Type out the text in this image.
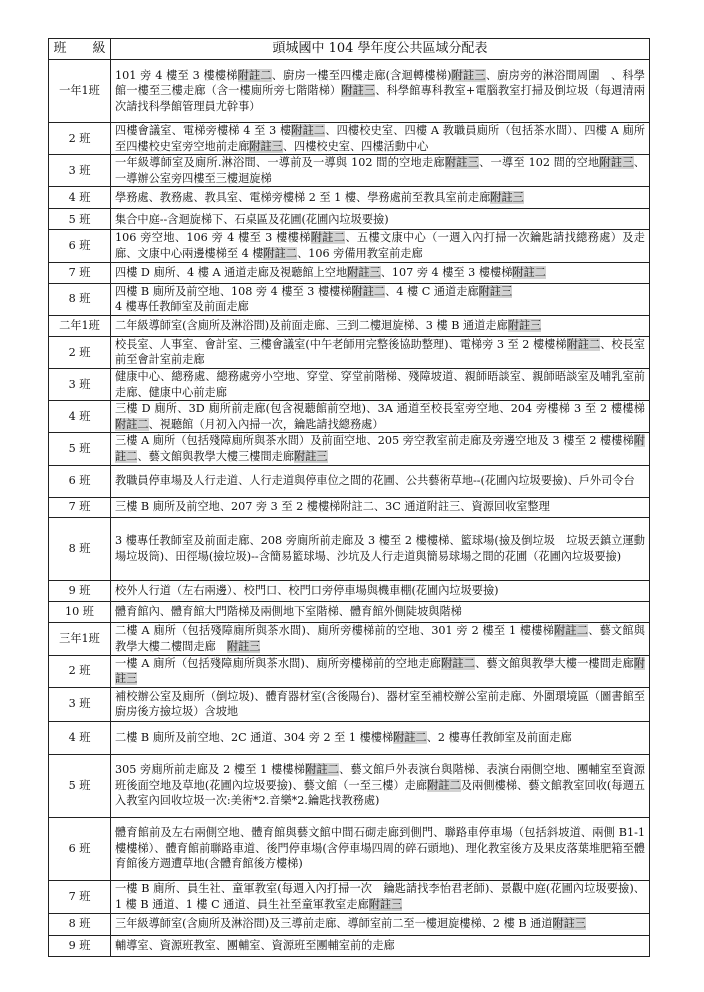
班　　級	頭城國中 104 學年度公共區域分配表
一年1班	101 旁 4 樓至 3 樓樓梯附註二、廚房一樓至四樓走廊(含迴轉樓梯)附註三、廚房旁的淋浴間周圍　、科學館一樓至三樓走廊（含一樓廁所旁七階階梯）附註三、科學館專科教室+電腦教室打掃及倒垃圾（每週清兩次請找科學館管理員尤幹事）
2 班	四樓會議室、電梯旁樓梯 4 至 3 樓附註二、四樓校史室、四樓 A 教職員廁所（包括茶水間）、四樓 A 廁所至四樓校史室旁空地前走廊附註三、四樓校史室、四樓活動中心
3 班	一年級導師室及廁所.淋浴間、一導前及一導與 102 間的空地走廊附註三、一導至 102 間的空地附註三、一導辦公室旁四樓至三樓迴旋梯
4 班	學務處、教務處、教具室、電梯旁樓梯 2 至 1 樓、學務處前至教具室前走廊附註三
5 班	集合中庭--含迴旋梯下、石桌區及花圃(花圃內垃圾要撿)
6 班	106 旁空地、106 旁 4 樓至 3 樓樓梯附註二、五樓文康中心（一週入內打掃一次鑰匙請找總務處）及走廊、文康中心兩邊樓梯至 4 樓附註二、106 旁備用教室前走廊
7 班	四樓 D 廁所、4 樓 A 通道走廊及視聽館上空地附註三、107 旁 4 樓至 3 樓樓梯附註二
8 班	四樓 B 廁所及前空地、108 旁 4 樓至 3 樓樓梯附註二、4 樓 C 通道走廊附註三
4 樓專任教師室及前面走廊

二年1班	二年級導師室(含廁所及淋浴間)及前面走廊、三到二樓迴旋梯、3 樓 B 通道走廊附註三
2 班	校長室、人事室、會計室、三樓會議室(中午老師用完整後協助整理)、電梯旁 3 至 2 樓樓梯附註二、校長室前至會計室前走廊
3 班	健康中心、總務處、總務處旁小空地、穿堂、穿堂前階梯、殘障坡道、親師晤談室、親師晤談室及哺乳室前走廊、健康中心前走廊
4 班	三樓 D 廁所、3D 廁所前走廊(包含視聽館前空地)、3A 通道至校長室旁空地、204 旁樓梯 3 至 2 樓樓梯附註二、視聽館（月初入內掃一次，鑰匙請找總務處）
5 班	三樓 A 廁所（包括殘障廁所與茶水間）及前面空地、205 旁空教室前走廊及旁邊空地及 3 樓至 2 樓樓梯附註二、藝文館與教學大樓三樓間走廊附註三
6 班	教職員停車場及人行走道、人行走道與停車位之間的花圃、公共藝術草地--(花圃內垃圾要撿)、戶外司令台
7 班	三樓 B 廁所及前空地、207 旁 3 至 2 樓樓梯附註二、3C 通道附註三、資源回收室整理
8 班	3 樓專任教師室及前面走廊、208 旁廁所前走廊及 3 樓至 2 樓樓梯、籃球場(撿及倒垃圾　垃圾丟鎮立運動場垃圾筒)、田徑場(撿垃圾)--含簡易籃球場、沙坑及人行走道與簡易球場之間的花圃（花圃內垃圾要撿)
9 班	校外人行道（左右兩邊）、校門口、校門口旁停車場與機車棚(花圃內垃圾要撿)
10 班	體育館內、體育館大門階梯及兩側地下室階梯、體育館外側陡坡與階梯
三年1班	二樓 A 廁所（包括殘障廁所與茶水間)、廁所旁樓梯前的空地、301 旁 2 樓至 1 樓樓梯附註二、藝文館與教學大樓二樓間走廊　附註三
2 班	一樓 A 廁所（包括殘障廁所與茶水間)、廁所旁樓梯前的空地走廊附註二、藝文館與教學大樓一樓間走廊附註三
3 班	補校辦公室及廁所（倒垃圾)、體育器材室(含後陽台)、器材室至補校辦公室前走廊、外圍環境區（圖書館至廚房後方撿垃圾）含坡地
4 班	二樓 B 廁所及前空地、2C 通道、304 旁 2 至 1 樓樓梯附註二、2 樓專任教師室及前面走廊
5 班	305 旁廁所前走廊及 2 樓至 1 樓樓梯附註二、藝文館戶外表演台與階梯、表演台兩側空地、團輔室至資源班後面空地及草地(花圃內垃圾要撿)、藝文館（一至三樓）走廊附註二及兩側樓梯、藝文館教室回收(每週五入教室內回收垃圾一次:美術*2.音樂*2.鑰匙找教務處)
6 班	體育館前及左右兩側空地、體育館與藝文館中間石砌走廊到側門、聯路車停車場（包括斜坡道、兩側 B1-1 樓樓梯）、體育館前聯路車道、後門停車場(含停車場四周的碎石頭地)、理化教室後方及果皮落葉堆肥箱至體育館後方週遭草地(含體育館後方樓梯)
7 班	一樓 B 廁所、員生社、童軍教室(每週入內打掃一次　鑰匙請找李怡君老師)、景觀中庭(花圃內垃圾要撿)、1 樓 B 通道、1 樓 C 通道、員生社至童軍教室走廊附註三
8 班	三年級導師室(含廁所及淋浴間)及三導前走廊、導師室前二至一樓迴旋樓梯、2 樓 B 通道附註三
9 班	輔導室、資源班教室、團輔室、資源班至團輔室前的走廊
